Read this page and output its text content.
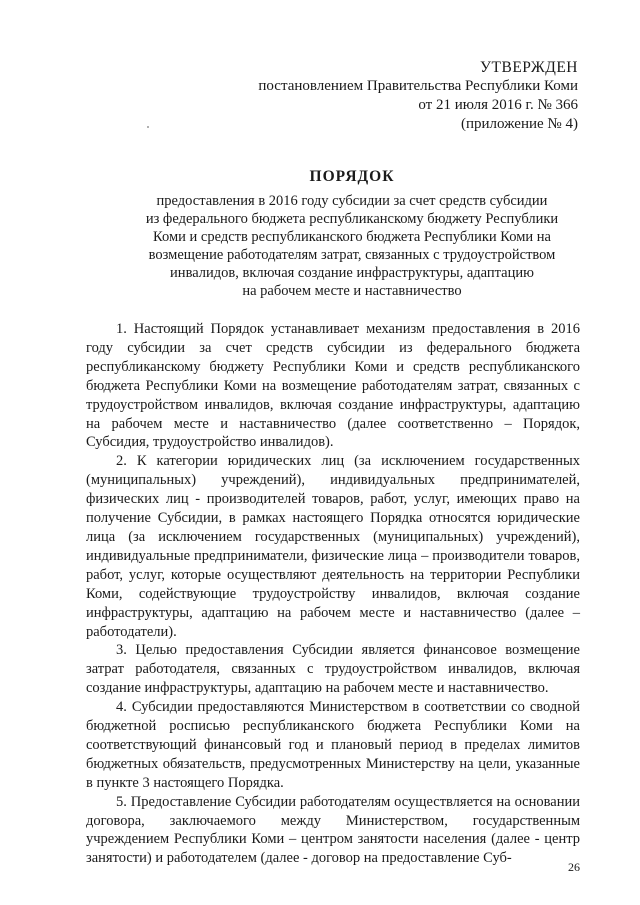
УТВЕРЖДЕН
постановлением Правительства Республики Коми
от 21 июля 2016 г. № 366
(приложение № 4)
ПОРЯДОК
предоставления в 2016 году субсидии за счет средств субсидии
из федерального бюджета республиканскому бюджету Республики
Коми и средств республиканского бюджета Республики Коми на
возмещение работодателям затрат, связанных с трудоустройством
инвалидов, включая создание инфраструктуры, адаптацию
на рабочем месте и наставничество

1. Настоящий Порядок устанавливает механизм предоставления в 2016 году субсидии за счет средств субсидии из федерального бюджета республиканскому бюджету Республики Коми и средств республиканского бюджета Республики Коми на возмещение работодателям затрат, связанных с трудоустройством инвалидов, включая создание инфраструктуры, адаптацию на рабочем месте и наставничество (далее соответственно – Порядок, Субсидия, трудоустройство инвалидов).

2. К категории юридических лиц (за исключением государственных (муниципальных) учреждений), индивидуальных предпринимателей, физических лиц - производителей товаров, работ, услуг, имеющих право на получение Субсидии, в рамках настоящего Порядка относятся юридические лица (за исключением государственных (муниципальных) учреждений), индивидуальные предприниматели, физические лица – производители товаров, работ, услуг, которые осуществляют деятельность на территории Республики Коми, содействующие трудоустройству инвалидов, включая создание инфраструктуры, адаптацию на рабочем месте и наставничество (далее – работодатели).

3. Целью предоставления Субсидии является финансовое возмещение затрат работодателя, связанных с трудоустройством инвалидов, включая создание инфраструктуры, адаптацию на рабочем месте и наставничество.

4. Субсидии предоставляются Министерством в соответствии со сводной бюджетной росписью республиканского бюджета Республики Коми на соответствующий финансовый год и плановый период в пределах лимитов бюджетных обязательств, предусмотренных Министерству на цели, указанные в пункте 3 настоящего Порядка.

5. Предоставление Субсидии работодателям осуществляется на основании договора, заключаемого между Министерством, государственным учреждением Республики Коми – центром занятости населения (далее - центр занятости) и работодателем (далее - договор на предоставление Суб-

26
